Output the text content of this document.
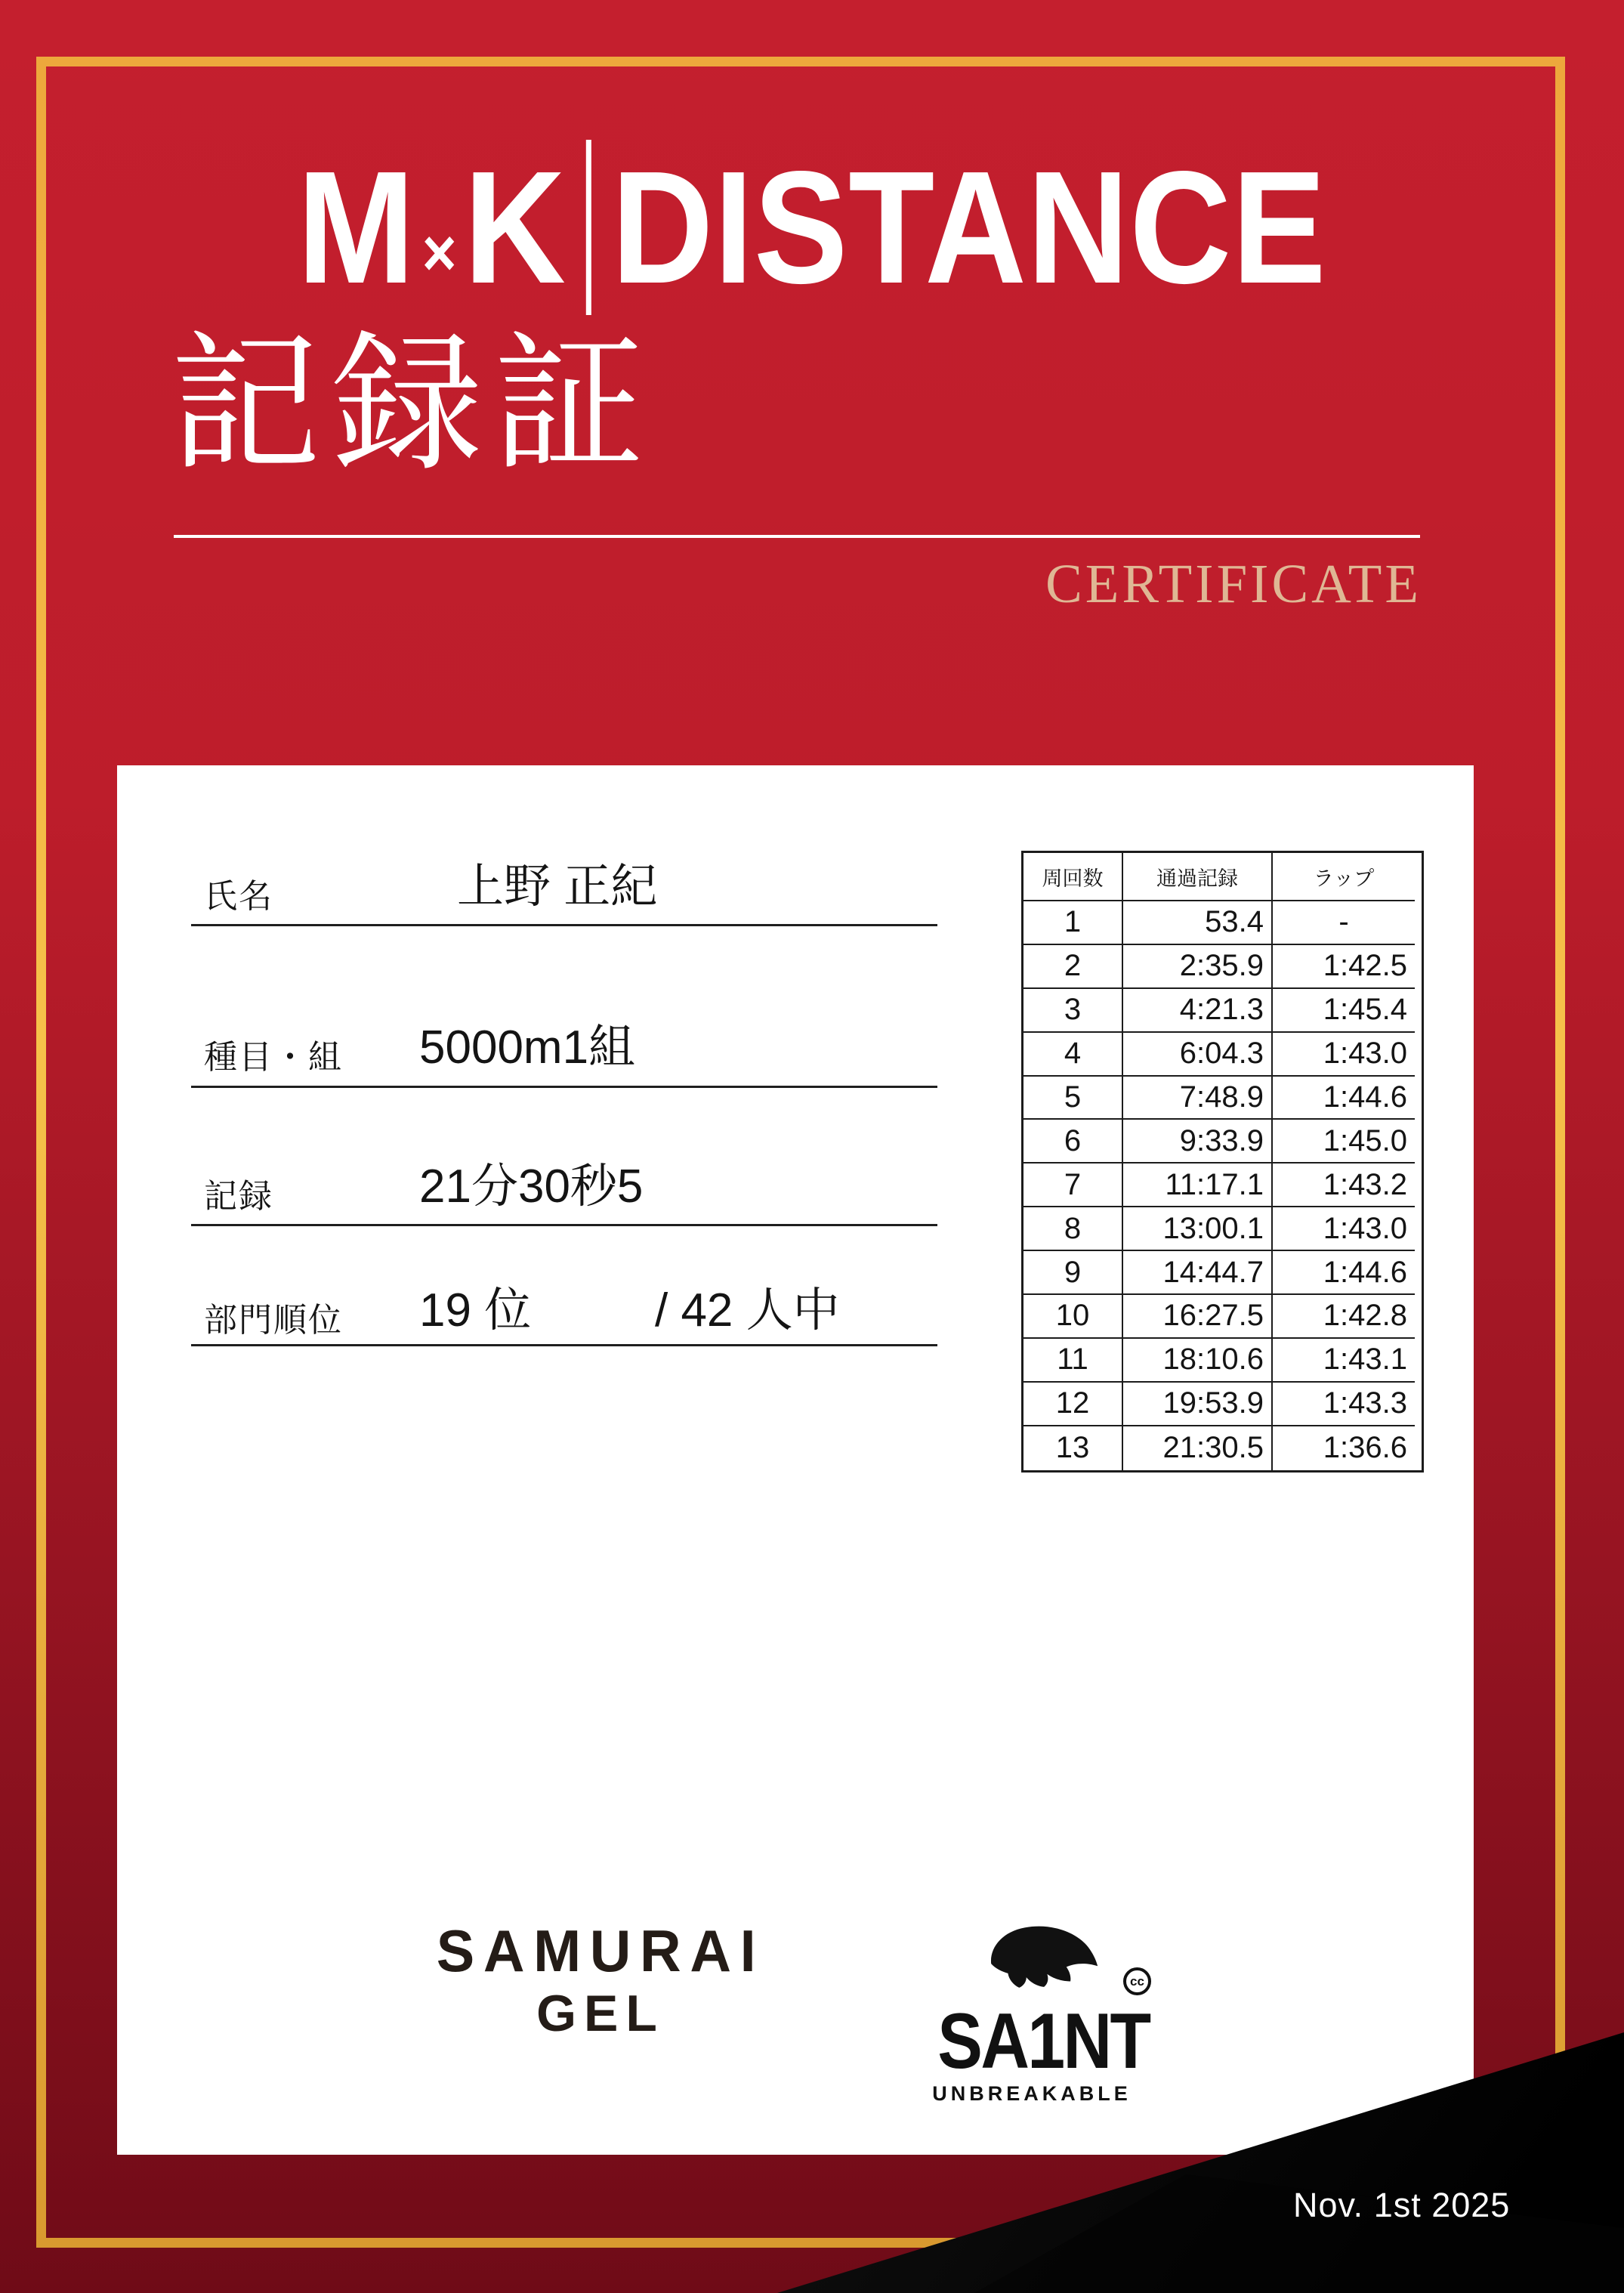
M × K DISTANCE
記録証
CERTIFICATE
氏名	上野 正紀
種目・組 5000m1組
記録	21分30秒5
部門順位 19 位	/ 42 人中
周回数	通過記録	ラップ
1	53.4	-
2	2:35.9	1:42.5
3	4:21.3	1:45.4
4	6:04.3	1:43.0
5	7:48.9	1:44.6
6	9:33.9	1:45.0
7	11:17.1	1:43.2
8	13:00.1	1:43.0
9	14:44.7	1:44.6
10	16:27.5	1:42.8
11	18:10.6	1:43.1
12	19:53.9	1:43.3
13	21:30.5	1:36.6
SAMURAI
GEL
cc
SA1NT
UNBREAKABLE
Nov. 1st 2025
